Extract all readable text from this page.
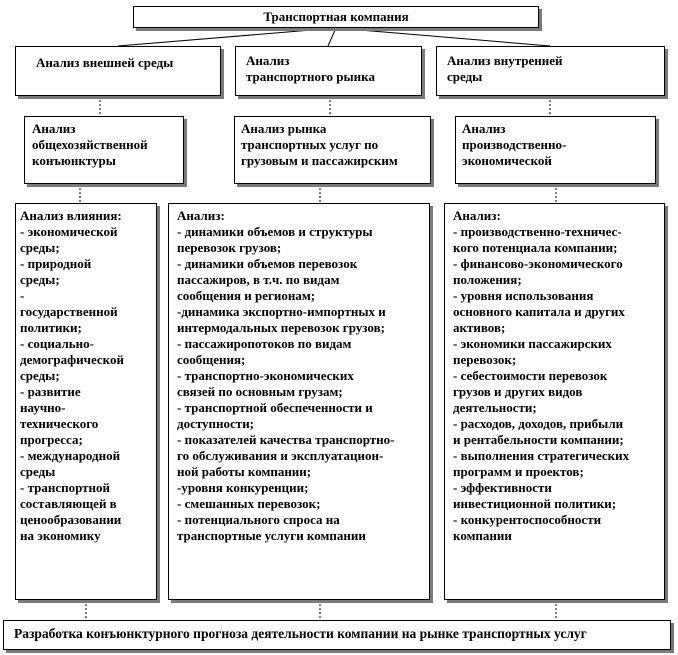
Транспортная компания
Анализ внешней среды	Анализ
транспортного рынка
Анализ внутренней
среды
Анализ
общехозяйственной
конъюнктуры
Анализ рынка
транспортных услуг по
грузовым и пассажирским
Анализ
производственно-
экономической
Анализ влияния:
- экономической
среды;
- природной
среды;
-
государственной
политики;
- социально-
демографической
среды;
- развитие
научно-
технического
прогресса;
- международной
среды
- транспортной
составляющей в
ценообразовании
на экономику
Анализ:
- динамики объемов и структуры
перевозок грузов;
- динамики объемов перевозок
пассажиров, в т.ч. по видам
сообщения и регионам;
-динамика экспортно-импортных и
интермодальных перевозок грузов;
- пассажиропотоков по видам
сообщения;
- транспортно-экономических
связей по основным грузам;
- транспортной обеспеченности и
доступности;
- показателей качества транспортно-
го обслуживания и эксплуатацион-
ной работы компании;
-уровня конкуренции;
- смешанных перевозок;
- потенциального спроса на
транспортные услуги компании
Анализ:
- производственно-техничес-
кого потенциала компании;
- финансово-экономического
положения;
- уровня использования
основного капитала и других
активов;
- экономики пассажирских
перевозок;
- себестоимости перевозок
грузов и других видов
деятельности;
- расходов, доходов, прибыли
и рентабельности компании;
- выполнения стратегических
программ и проектов;
- эффективности
инвестиционной политики;
- конкурентоспособности
компании
Разработка конъюнктурного прогноза деятельности компании на рынке транспортных услуг
